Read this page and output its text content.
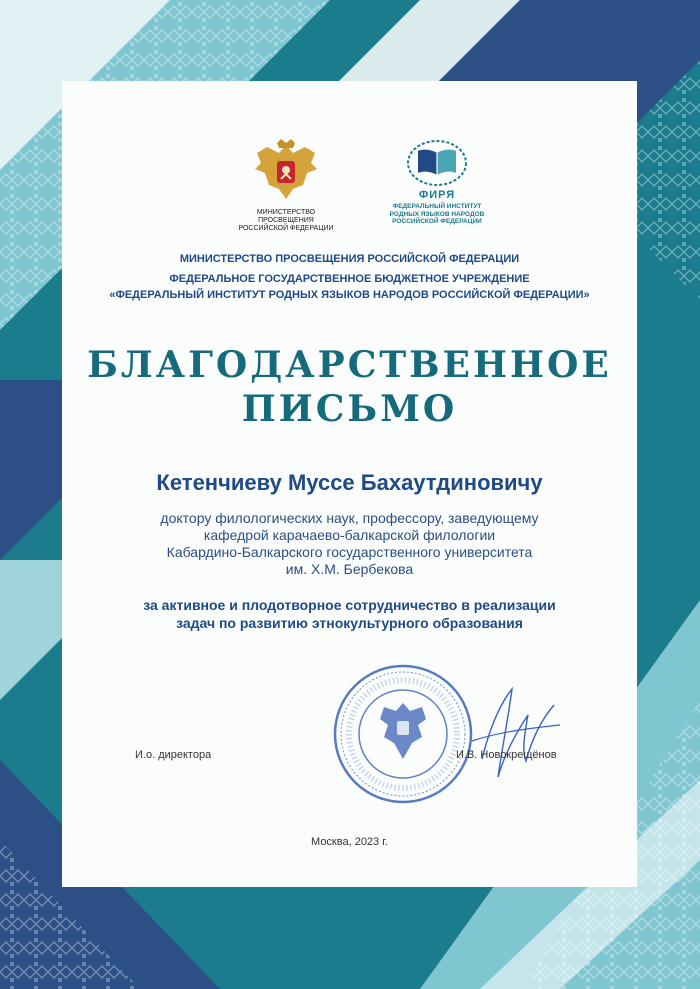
МИНИСТЕРСТВО ПРОСВЕЩЕНИЯ
РОССИЙСКОЙ ФЕДЕРАЦИИ
ФИРЯ
ФЕДЕРАЛЬНЫЙ ИНСТИТУТ
РОДНЫХ ЯЗЫКОВ НАРОДОВ
РОССИЙСКОЙ ФЕДЕРАЦИИ
МИНИСТЕРСТВО ПРОСВЕЩЕНИЯ РОССИЙСКОЙ ФЕДЕРАЦИИ
ФЕДЕРАЛЬНОЕ ГОСУДАРСТВЕННОЕ БЮДЖЕТНОЕ УЧРЕЖДЕНИЕ
«ФЕДЕРАЛЬНЫЙ ИНСТИТУТ РОДНЫХ ЯЗЫКОВ НАРОДОВ РОССИЙСКОЙ ФЕДЕРАЦИИ»
БЛАГОДАРСТВЕННОЕ
ПИСЬМО
Кетенчиеву Муссе Бахаутдиновичу
доктору филологических наук, профессору, заведующему
кафедрой карачаево-балкарской филологии
Кабардино-Балкарского государственного университета
им. Х.М. Бербекова
за активное и плодотворное сотрудничество в реализации
задач по развитию этнокультурного образования
И.о. директора	И.В. Новокрещёнов
Москва, 2023 г.
